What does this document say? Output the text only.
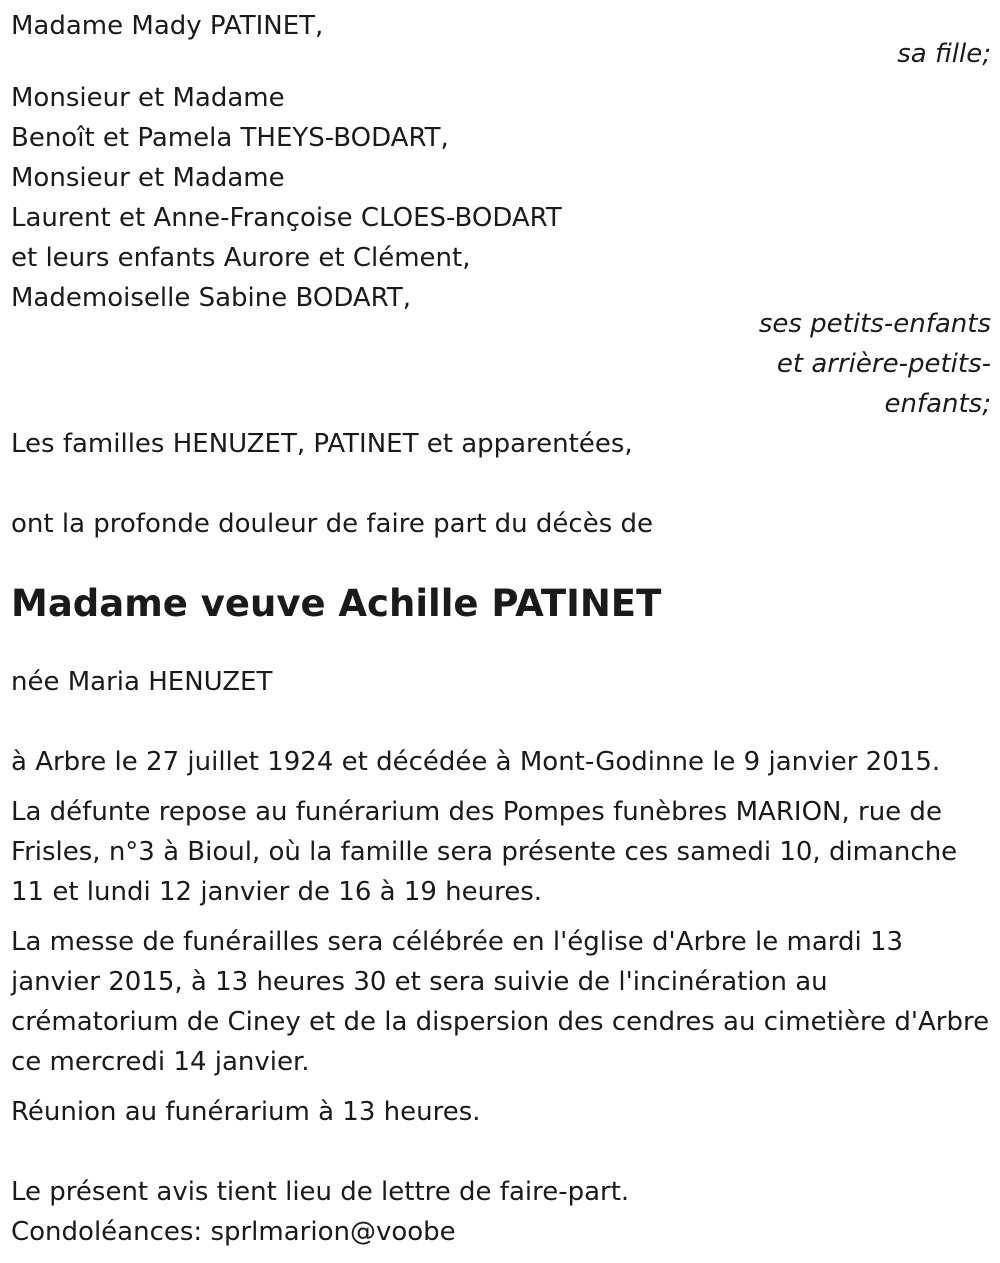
Madame Mady PATINET,
sa fille;
Monsieur et Madame
Benoît et Pamela THEYS-BODART,
Monsieur et Madame
Laurent et Anne-Françoise CLOES-BODART
et leurs enfants Aurore et Clément,
Mademoiselle Sabine BODART,
ses petits-enfants
et arrière-petits-
enfants;
Les familles HENUZET, PATINET et apparentées,
ont la profonde douleur de faire part du décès de
Madame veuve Achille PATINET
née Maria HENUZET
à Arbre le 27 juillet 1924 et décédée à Mont-Godinne le 9 janvier 2015.
La défunte repose au funérarium des Pompes funèbres MARION, rue de Frisles, n°3 à Bioul, où la famille sera présente ces samedi 10, dimanche 11 et lundi 12 janvier de 16 à 19 heures.
La messe de funérailles sera célébrée en l'église d'Arbre le mardi 13 janvier 2015, à 13 heures 30 et sera suivie de l'incinération au crématorium de Ciney et de la dispersion des cendres au cimetière d'Arbre ce mercredi 14 janvier.
Réunion au funérarium à 13 heures.
Le présent avis tient lieu de lettre de faire-part.
Condoléances: sprlmarion@voobe
